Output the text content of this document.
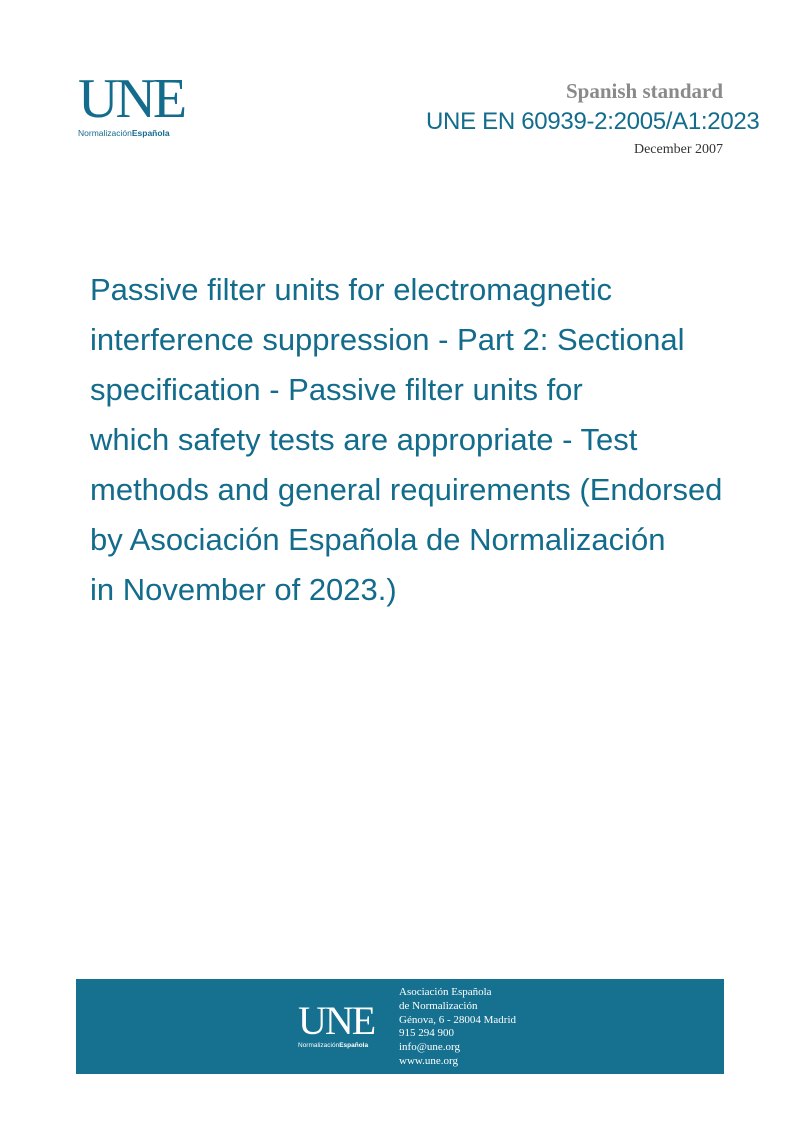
UNE
NormalizaciónEspañola
Spanish standard
UNE EN 60939-2:2005/A1:2023
December 2007
Passive filter units for electromagnetic
interference suppression - Part 2: Sectional
specification - Passive filter units for
which safety tests are appropriate - Test
methods and general requirements (Endorsed
by Asociación Española de Normalización
in November of 2023.)
UNE
NormalizaciónEspañola
Asociación Española
de Normalización
Génova, 6 - 28004 Madrid
915 294 900
info@une.org
www.une.org
